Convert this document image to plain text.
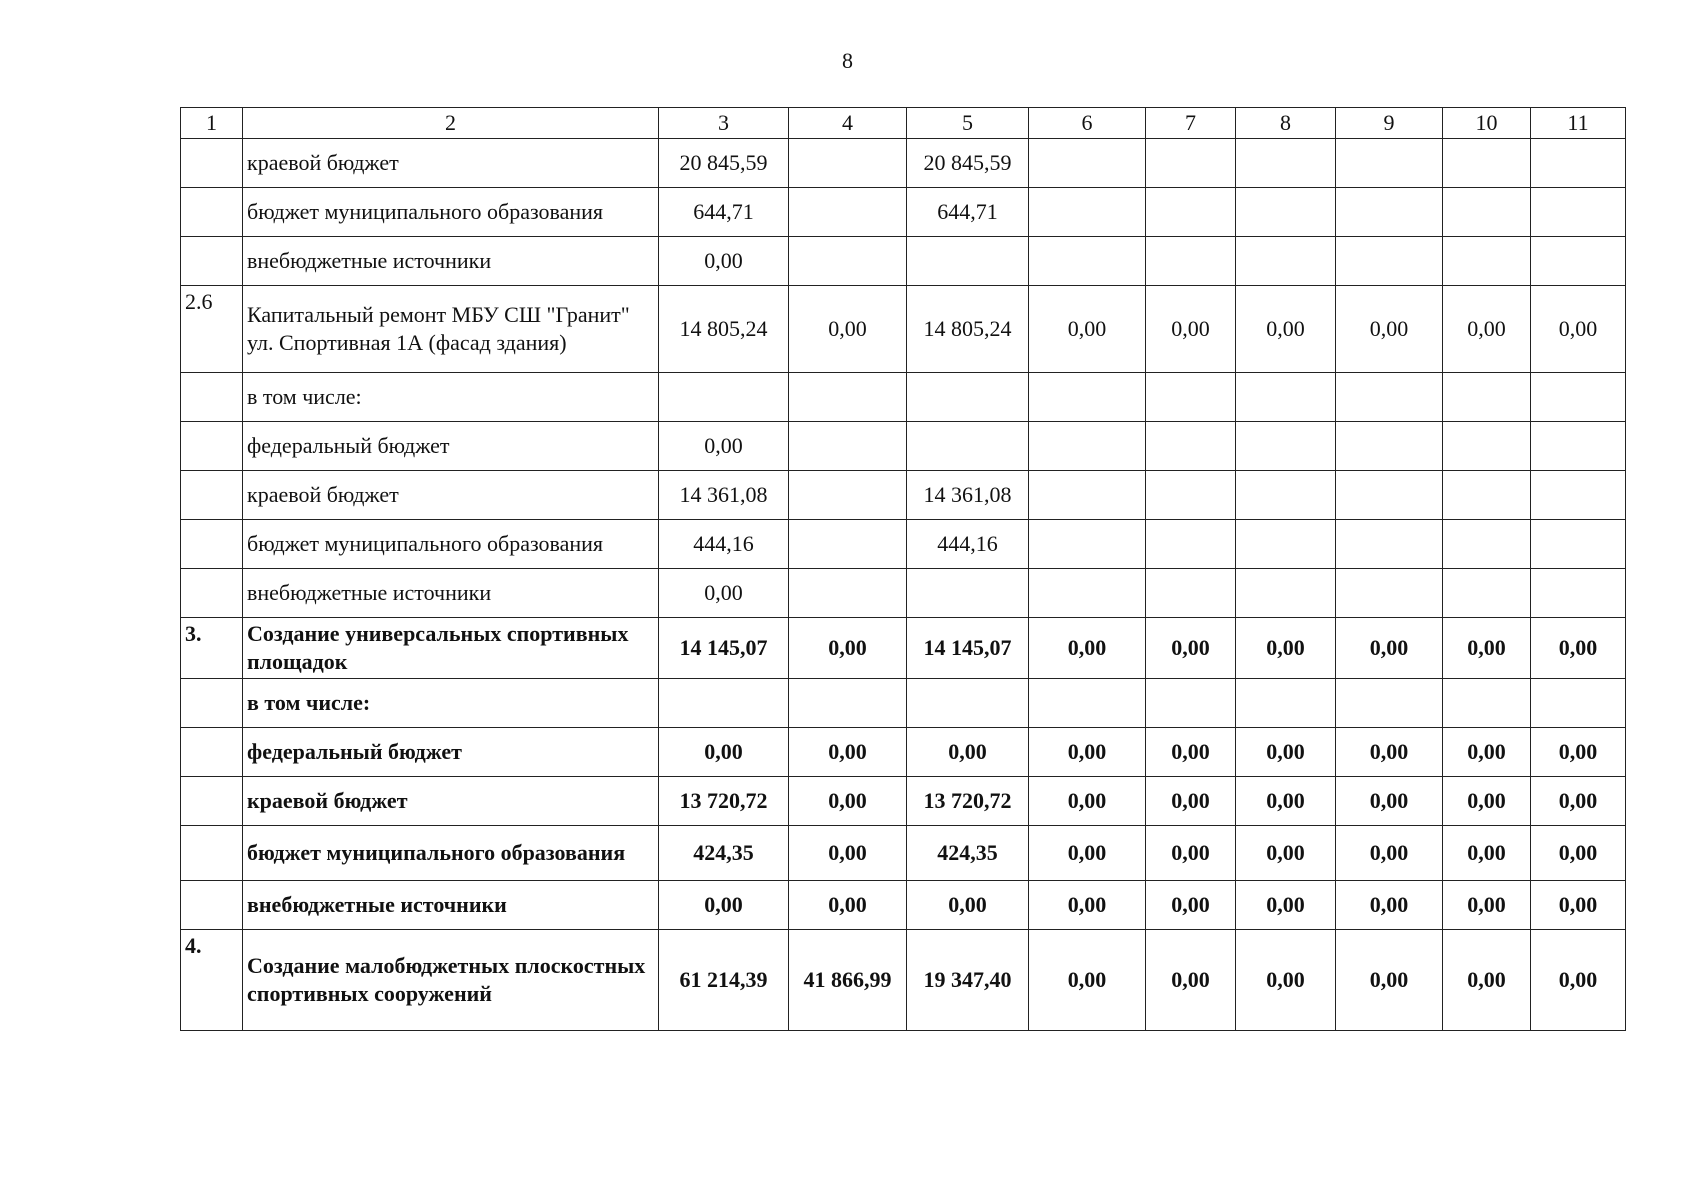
8
1	2	3	4	5	6	7	8	9	10	11
	краевой бюджет	20 845,59		20 845,59						
	бюджет муниципального образования	644,71		644,71						
	внебюджетные источники	0,00								
2.6	Капитальный ремонт МБУ СШ "Гранит" ул. Спортивная 1А (фасад здания)	14 805,24	0,00	14 805,24	0,00	0,00	0,00	0,00	0,00	0,00
	в том числе:									
	федеральный бюджет	0,00								
	краевой бюджет	14 361,08		14 361,08						
	бюджет муниципального образования	444,16		444,16						
	внебюджетные источники	0,00								
3.	Создание универсальных спортивных площадок	14 145,07	0,00	14 145,07	0,00	0,00	0,00	0,00	0,00	0,00
	в том числе:									
	федеральный бюджет	0,00	0,00	0,00	0,00	0,00	0,00	0,00	0,00	0,00
	краевой бюджет	13 720,72	0,00	13 720,72	0,00	0,00	0,00	0,00	0,00	0,00
	бюджет муниципального образования	424,35	0,00	424,35	0,00	0,00	0,00	0,00	0,00	0,00
	внебюджетные источники	0,00	0,00	0,00	0,00	0,00	0,00	0,00	0,00	0,00
4.	Создание малобюджетных плоскостных спортивных сооружений	61 214,39	41 866,99	19 347,40	0,00	0,00	0,00	0,00	0,00	0,00
